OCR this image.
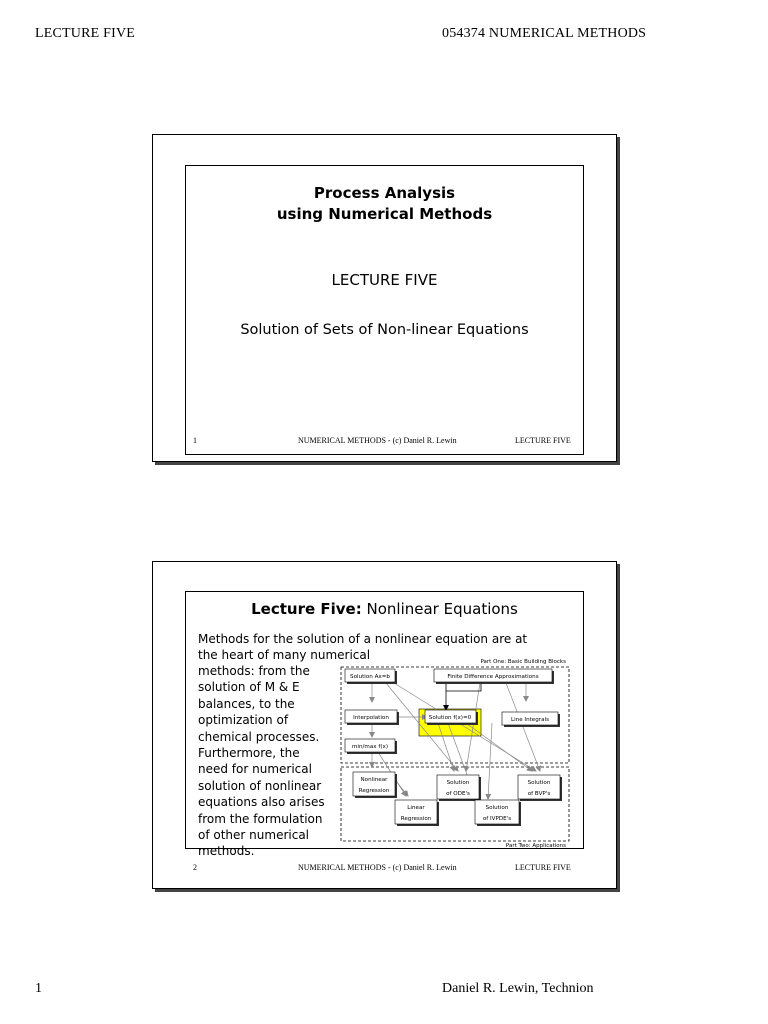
LECTURE FIVE	054374 NUMERICAL METHODS
Process Analysis
using Numerical Methods
LECTURE FIVE
Solution of Sets of Non-linear Equations
1	NUMERICAL METHODS - (c) Daniel R. Lewin	LECTURE FIVE
Lecture Five: Nonlinear Equations
Methods for the solution of a nonlinear equation are at
the heart of many numerical
methods: from the
solution of M & E
balances, to the
optimization of
chemical processes.
Furthermore, the
need for numerical
solution of nonlinear
equations also arises
from the formulation
of other numerical
methods.
Part One: Basic Building Blocks
Part Two: Applications
Solution Ax=b	Finite Difference Approximations
Interpolation	Solution f(x)=0	Line Integrals
min/max f(x)
Nonlinear
Regression
Solution
of ODE's
Solution
of BVP's
Linear
Regression
Solution
of IVPDE's
2	NUMERICAL METHODS - (c) Daniel R. Lewin	LECTURE FIVE
1	Daniel R. Lewin, Technion
